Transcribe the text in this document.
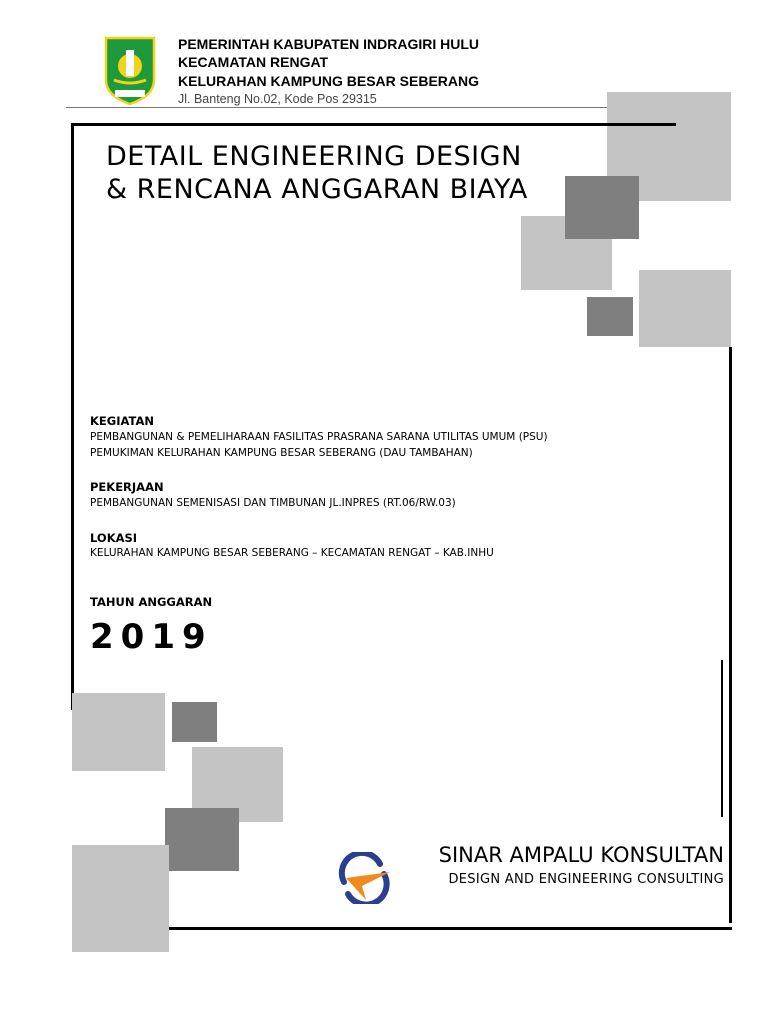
PEMERINTAH KABUPATEN INDRAGIRI HULU
KECAMATAN RENGAT
KELURAHAN KAMPUNG BESAR SEBERANG
Jl. Banteng No.02, Kode Pos 29315
DETAIL ENGINEERING DESIGN
& RENCANA ANGGARAN BIAYA
KEGIATAN
PEMBANGUNAN & PEMELIHARAAN FASILITAS PRASRANA SARANA UTILITAS UMUM (PSU)
PEMUKIMAN KELURAHAN KAMPUNG BESAR SEBERANG (DAU TAMBAHAN)
PEKERJAAN
PEMBANGUNAN SEMENISASI DAN TIMBUNAN JL.INPRES (RT.06/RW.03)
LOKASI
KELURAHAN KAMPUNG BESAR SEBERANG – KECAMATAN RENGAT – KAB.INHU
TAHUN ANGGARAN
2019
SINAR AMPALU KONSULTAN
DESIGN AND ENGINEERING CONSULTING
